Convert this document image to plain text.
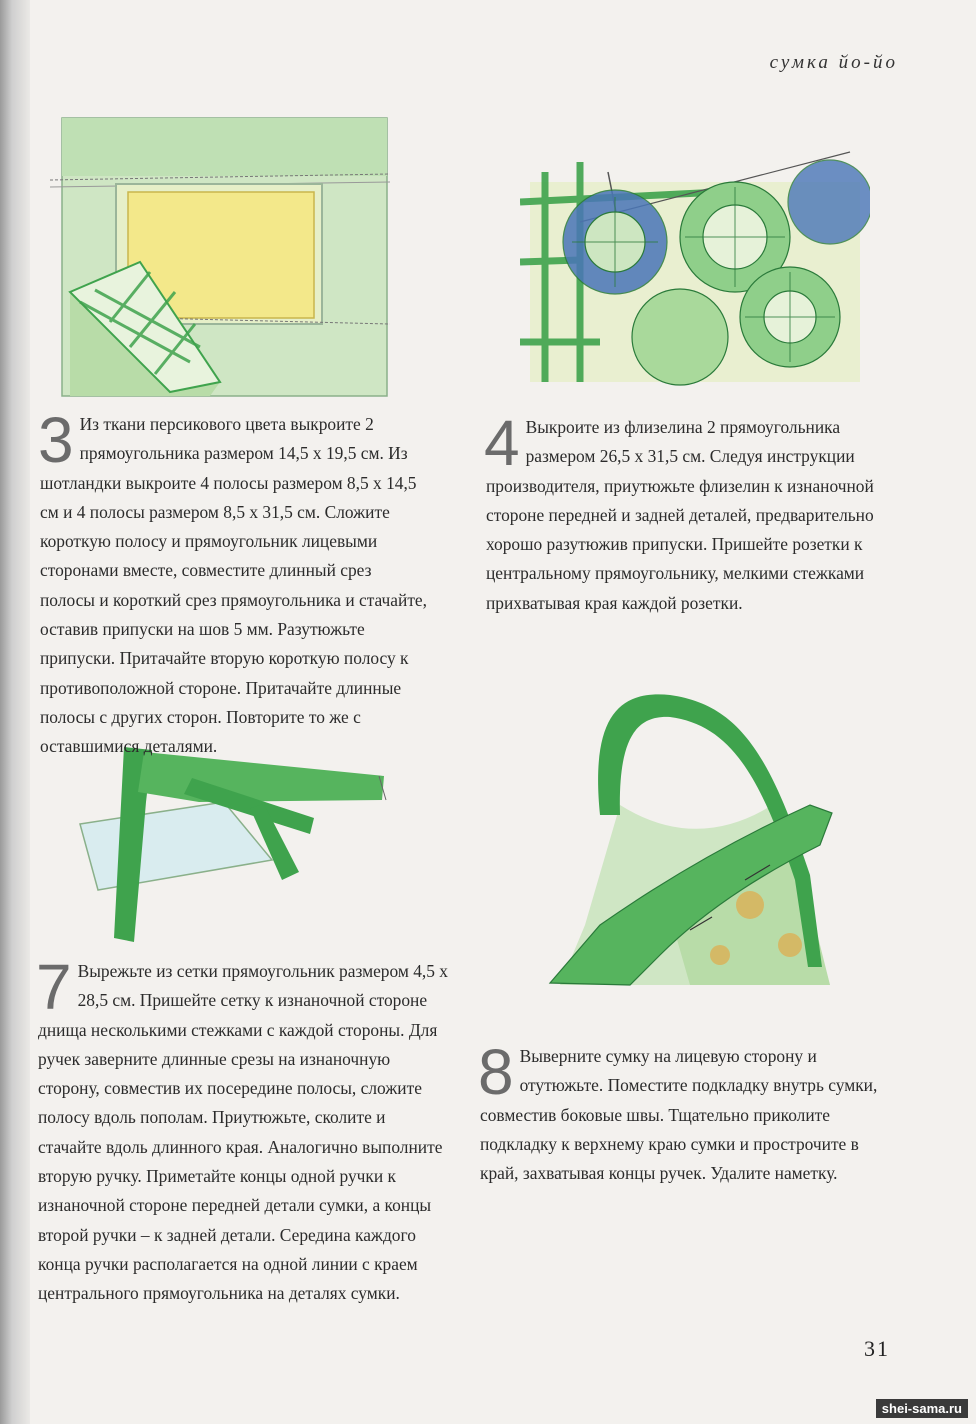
сумка йо-йо
3 Из ткани персикового цвета выкроите 2 прямоугольника размером 14,5 х 19,5 см. Из шотландки выкроите 4 полосы размером 8,5 х 14,5 см и 4 полосы размером 8,5 х 31,5 см. Сложите короткую полосу и прямоугольник лицевыми сторонами вместе, совместите длинный срез полосы и короткий срез прямоугольника и стачайте, оставив припуски на шов 5 мм. Разутюжьте припуски. Притачайте вторую короткую полосу к противоположной стороне. Притачайте длинные полосы с других сторон. Повторите то же с оставшимися деталями.
4 Выкроите из флизелина 2 прямоугольника размером 26,5 х 31,5 см. Следуя инструкции производителя, приутюжьте флизелин к изнаночной стороне передней и задней деталей, предварительно хорошо разутюжив припуски. Пришейте розетки к центральному прямоугольнику, мелкими стежками прихватывая края каждой розетки.
7 Вырежьте из сетки прямоугольник размером 4,5 х 28,5 см. Пришейте сетку к изнаночной стороне днища несколькими стежками с каждой стороны. Для ручек заверните длинные срезы на изнаночную сторону, совместив их посередине полосы, сложите полосу вдоль пополам. Приутюжьте, сколите и стачайте вдоль длинного края. Аналогично выполните вторую ручку. Приметайте концы одной ручки к изнаночной стороне передней детали сумки, а концы второй ручки – к задней детали. Середина каждого конца ручки располагается на одной линии с краем центрального прямоугольника на деталях сумки.
8 Выверните сумку на лицевую сторону и отутюжьте. Поместите подкладку внутрь сумки, совместив боковые швы. Тщательно приколите подкладку к верхнему краю сумки и прострочите в край, захватывая концы ручек. Удалите наметку.
31
shei-sama.ru
